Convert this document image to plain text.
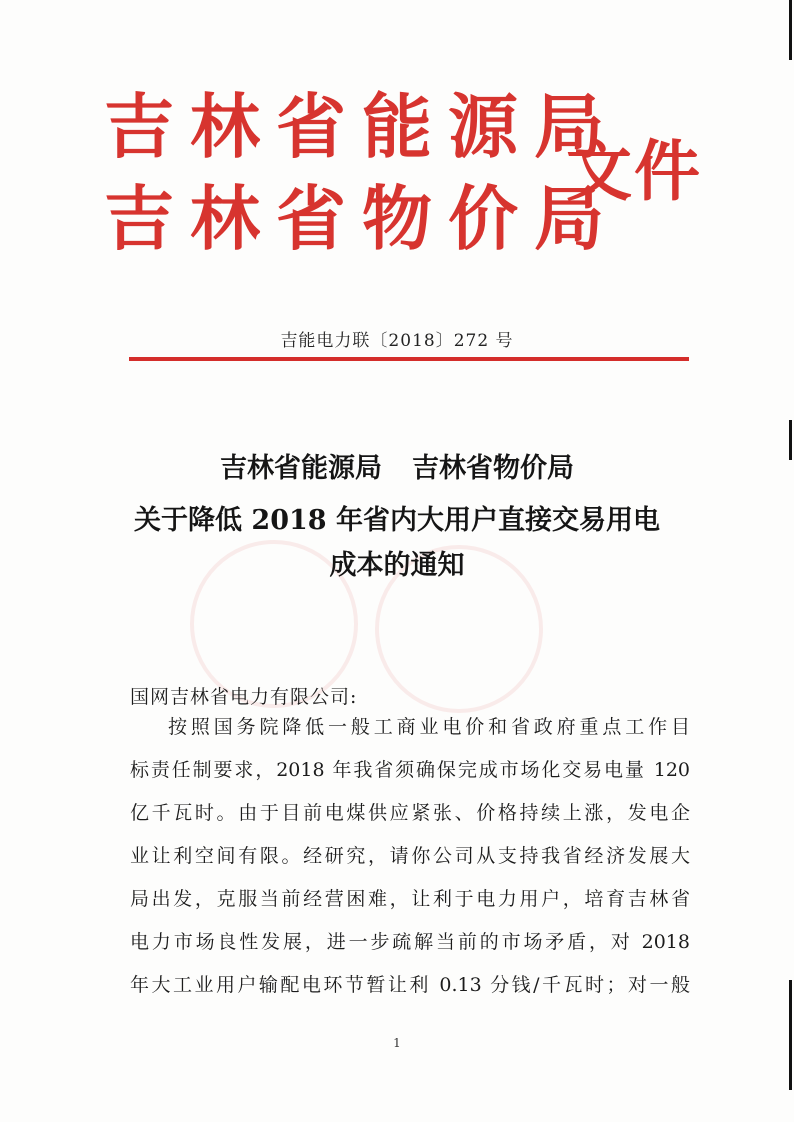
吉林省能源局
吉林省物价局
文件
吉能电力联〔2018〕272 号
吉林省能源局 吉林省物价局
关于降低 2018 年省内大用户直接交易用电
成本的通知
国网吉林省电力有限公司:
按照国务院降低一般工商业电价和省政府重点工作目
标责任制要求，2018 年我省须确保完成市场化交易电量 120
亿千瓦时。由于目前电煤供应紧张、价格持续上涨，发电企
业让利空间有限。经研究，请你公司从支持我省经济发展大
局出发，克服当前经营困难，让利于电力用户，培育吉林省
电力市场良性发展，进一步疏解当前的市场矛盾，对 2018
年大工业用户输配电环节暂让利 0.13 分钱/千瓦时；对一般
1
